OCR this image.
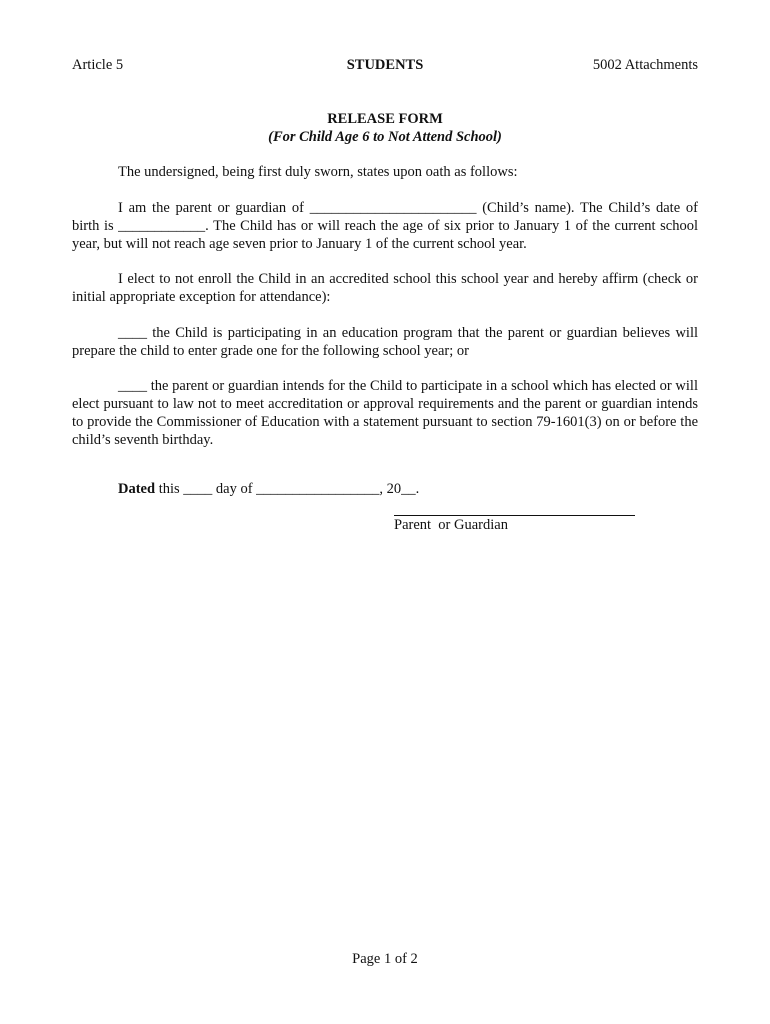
Article 5	STUDENTS	5002 Attachments
RELEASE FORM
(For Child Age 6 to Not Attend School)

The undersigned, being first duly sworn, states upon oath as follows:

I am the parent or guardian of _______________________ (Child’s name). The Child’s date of birth is ____________. The Child has or will reach the age of six prior to January 1 of the current school year, but will not reach age seven prior to January 1 of the current school year.

I elect to not enroll the Child in an accredited school this school year and hereby affirm (check or initial appropriate exception for attendance):

____ the Child is participating in an education program that the parent or guardian believes will prepare the child to enter grade one for the following school year; or

____ the parent or guardian intends for the Child to participate in a school which has elected or will elect pursuant to law not to meet accreditation or approval requirements and the parent or guardian intends to provide the Commissioner of Education with a statement pursuant to section 79-1601(3) on or before the child’s seventh birthday.

Dated this ____ day of _________________, 20__.
Parent  or Guardian
Page 1 of 2
